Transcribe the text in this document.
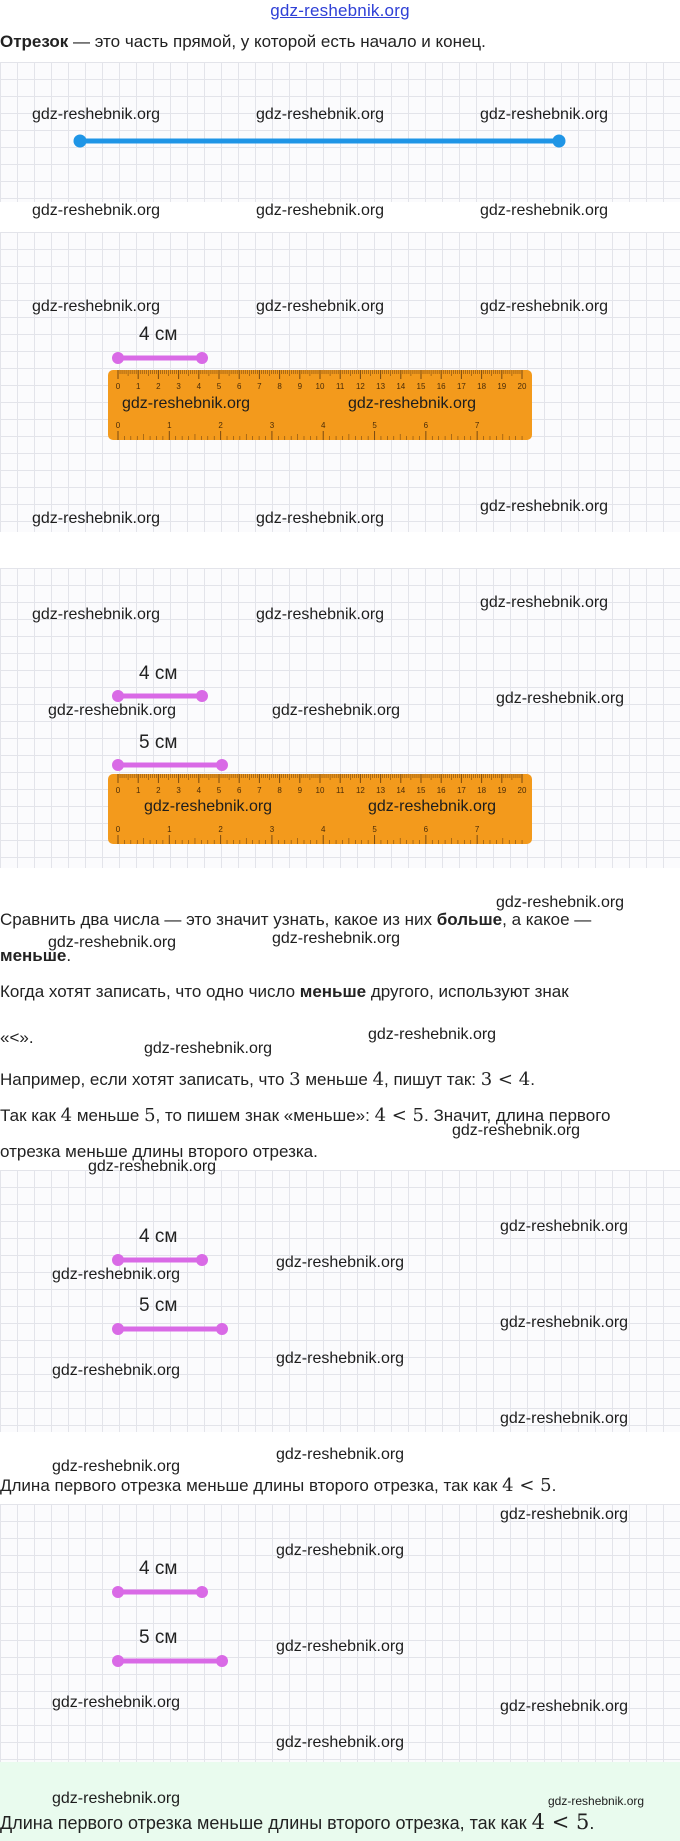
gdz-reshebnik.org
Отрезок — это часть прямой, у которой есть начало и конец.
4 см
0 1 2 3 4 5 6 7 8 9 10 11 12 13 14 15 16 17 18 19 20
0	1	2	3	4	5	6	7
4 см
5 см
0 1 2 3 4 5 6 7 8 9 10 11 12 13 14 15 16 17 18 19 20
0	1	2	3	4	5	6	7
Сравнить два числа — это значит узнать, какое из них больше, а какое —
меньше.
Когда хотят записать, что одно число меньше другого, используют знак
«<».
Например, если хотят записать, что 3 меньше 4, пишут так: 3 < 4.
Так как 4 меньше 5, то пишем знак «меньше»: 4 < 5. Значит, длина первого
отрезка меньше длины второго отрезка.
4 см
5 см
Длина первого отрезка меньше длины второго отрезка, так как 4 < 5.
4 см
5 см
Длина первого отрезка меньше длины второго отрезка, так как 4 < 5.
gdz-reshebnik.org	gdz-reshebnik.org	gdz-reshebnik.org
gdz-reshebnik.org	gdz-reshebnik.org	gdz-reshebnik.org
gdz-reshebnik.org	gdz-reshebnik.org	gdz-reshebnik.org
gdz-reshebnik.org	gdz-reshebnik.org
gdz-reshebnik.org	gdz-reshebnik.org
gdz-reshebnik.org
gdz-reshebnik.org	gdz-reshebnik.org
gdz-reshebnik.org
gdz-reshebnik.org	gdz-reshebnik.org
gdz-reshebnik.org
gdz-reshebnik.org	gdz-reshebnik.org
gdz-reshebnik.org
gdz-reshebnik.org	gdz-reshebnik.org
gdz-reshebnik.org
gdz-reshebnik.org
gdz-reshebnik.org
gdz-reshebnik.org
gdz-reshebnik.org
gdz-reshebnik.org
gdz-reshebnik.org
gdz-reshebnik.org
gdz-reshebnik.org
gdz-reshebnik.org
gdz-reshebnik.org
gdz-reshebnik.org
gdz-reshebnik.org
gdz-reshebnik.org
gdz-reshebnik.org
gdz-reshebnik.org
gdz-reshebnik.org	gdz-reshebnik.org
gdz-reshebnik.org
gdz-reshebnik.org	gdz-reshebnik.org
